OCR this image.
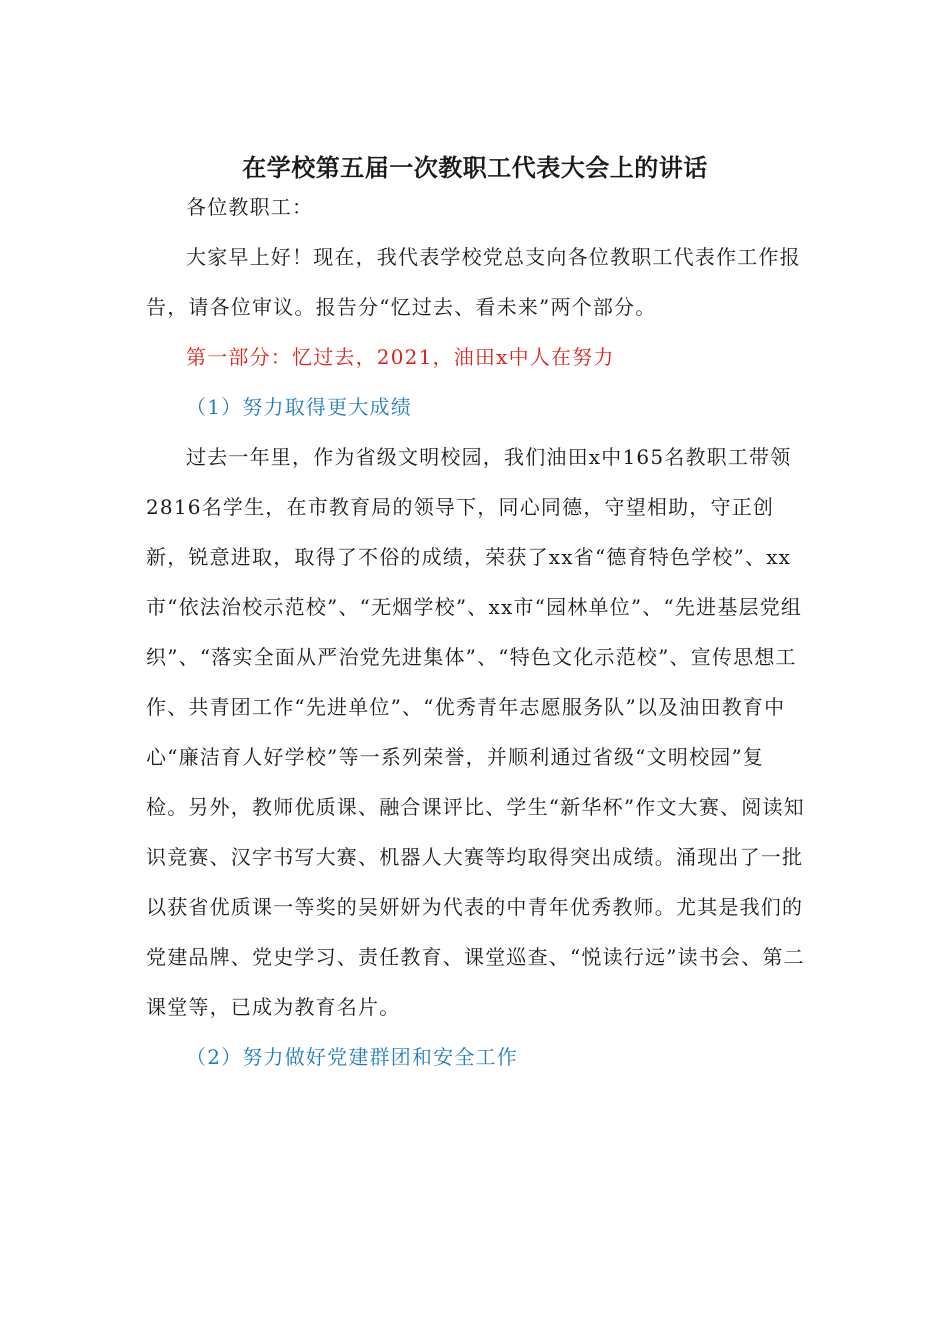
在学校第五届一次教职工代表大会上的讲话

各位教职工：

大家早上好！现在，我代表学校党总支向各位教职工代表作工作报告，请各位审议。报告分“忆过去、看未来”两个部分。

第一部分：忆过去，2021，油田x中人在努力

（1）努力取得更大成绩

过去一年里，作为省级文明校园，我们油田x中165名教职工带领2816名学生，在市教育局的领导下，同心同德，守望相助，守正创新，锐意进取，取得了不俗的成绩，荣获了xx省“德育特色学校”、xx市“依法治校示范校”、“无烟学校”、xx市“园林单位”、“先进基层党组织”、“落实全面从严治党先进集体”、“特色文化示范校”、宣传思想工作、共青团工作“先进单位”、“优秀青年志愿服务队”以及油田教育中心“廉洁育人好学校”等一系列荣誉，并顺利通过省级“文明校园”复检。另外，教师优质课、融合课评比、学生“新华杯”作文大赛、阅读知识竞赛、汉字书写大赛、机器人大赛等均取得突出成绩。涌现出了一批以获省优质课一等奖的吴妍妍为代表的中青年优秀教师。尤其是我们的党建品牌、党史学习、责任教育、课堂巡查、“悦读行远”读书会、第二课堂等，已成为教育名片。

（2）努力做好党建群团和安全工作
